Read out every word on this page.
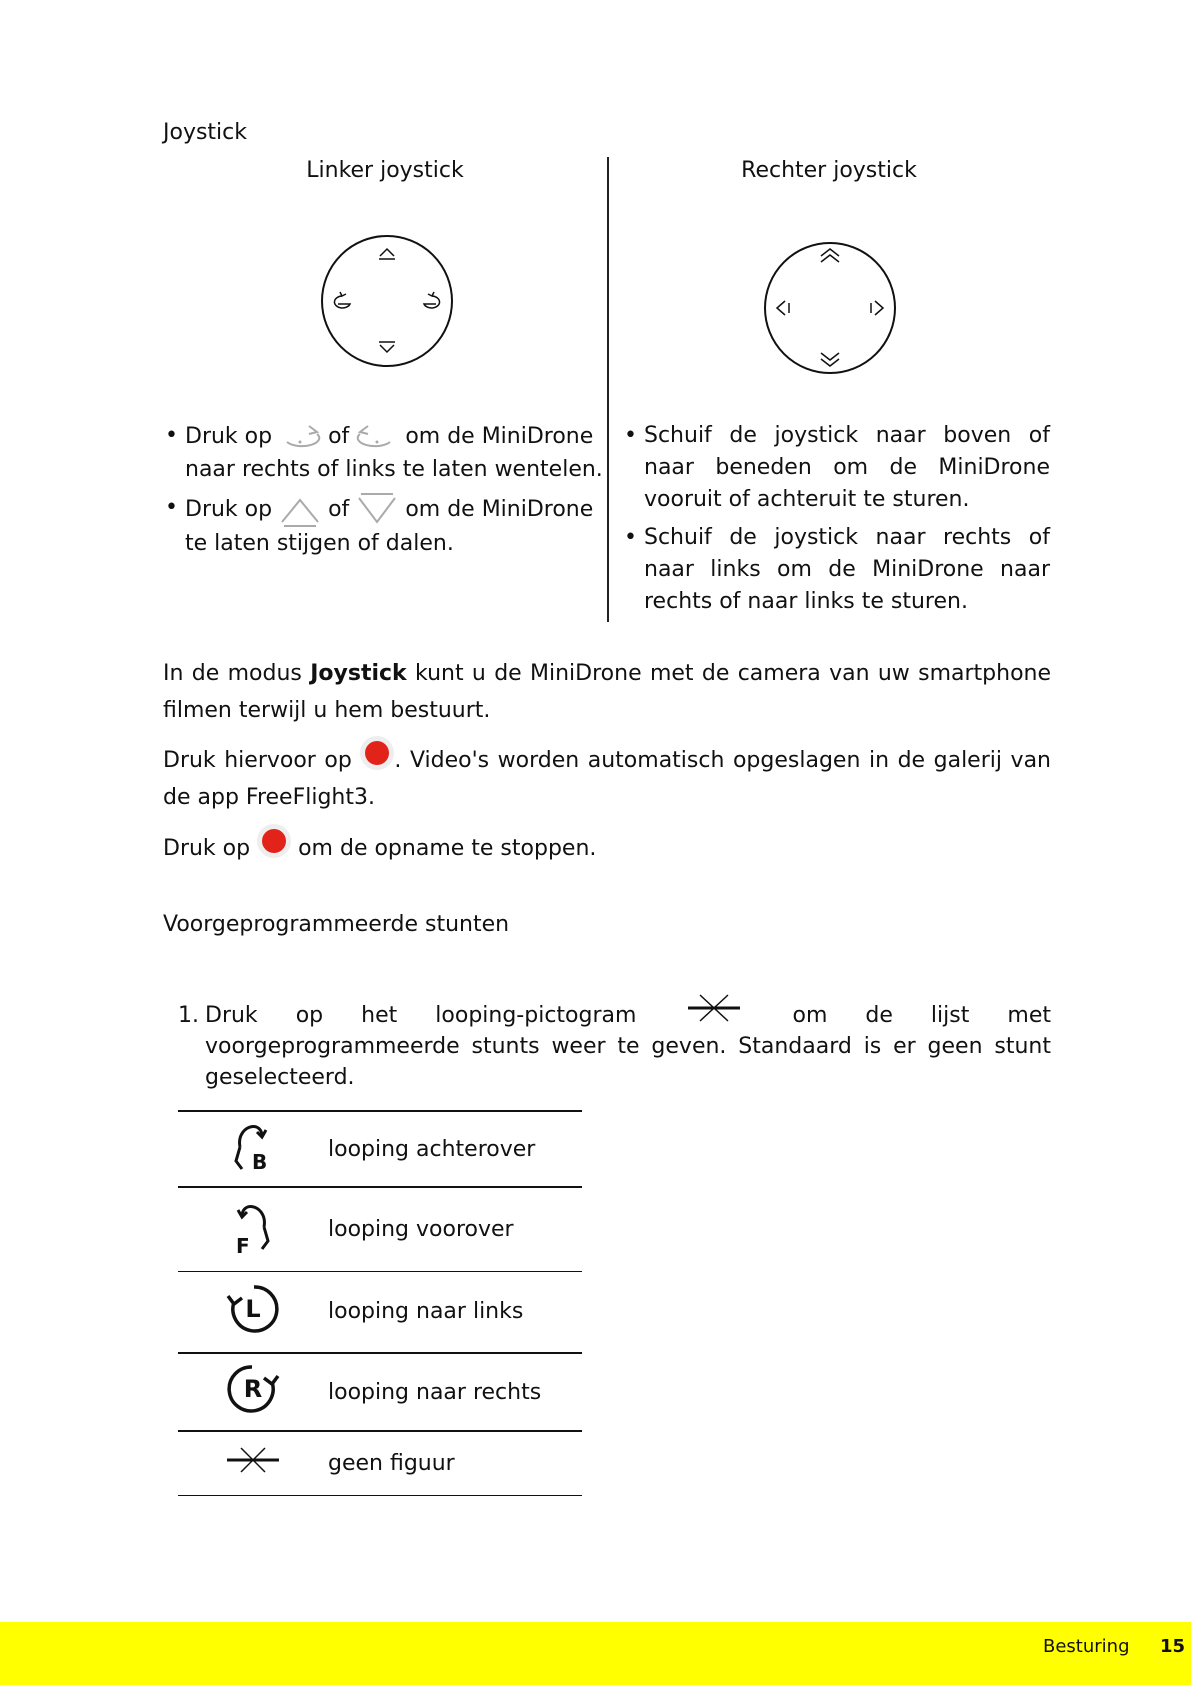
Joystick
Linker joystick
• Druk op	of	om de MiniDrone
naar rechts of links te laten wentelen.
• Druk op	of	om de MiniDrone
te laten stijgen of dalen.
Rechter joystick
• Schuif de joystick naar boven of naar beneden om de MiniDrone vooruit of achteruit te sturen.
• Schuif de joystick naar rechts of naar links om de MiniDrone naar rechts of naar links te sturen.
In de modus Joystick kunt u de MiniDrone met de camera van uw smartphone filmen terwijl u hem bestuurt.
Druk hiervoor op . Video's worden automatisch opgeslagen in de galerij van de app FreeFlight3.
Druk op om de opname te stoppen.
Voorgeprogrammeerde stunten
1. Druk op het looping-pictogram	om de lijst met voorgeprogrammeerde stunts weer te geven. Standaard is er geen stunt geselecteerd.
B	looping achterover

F	looping voorover

L	looping naar links

R	looping naar rechts
	geen figuur
Besturing 15
